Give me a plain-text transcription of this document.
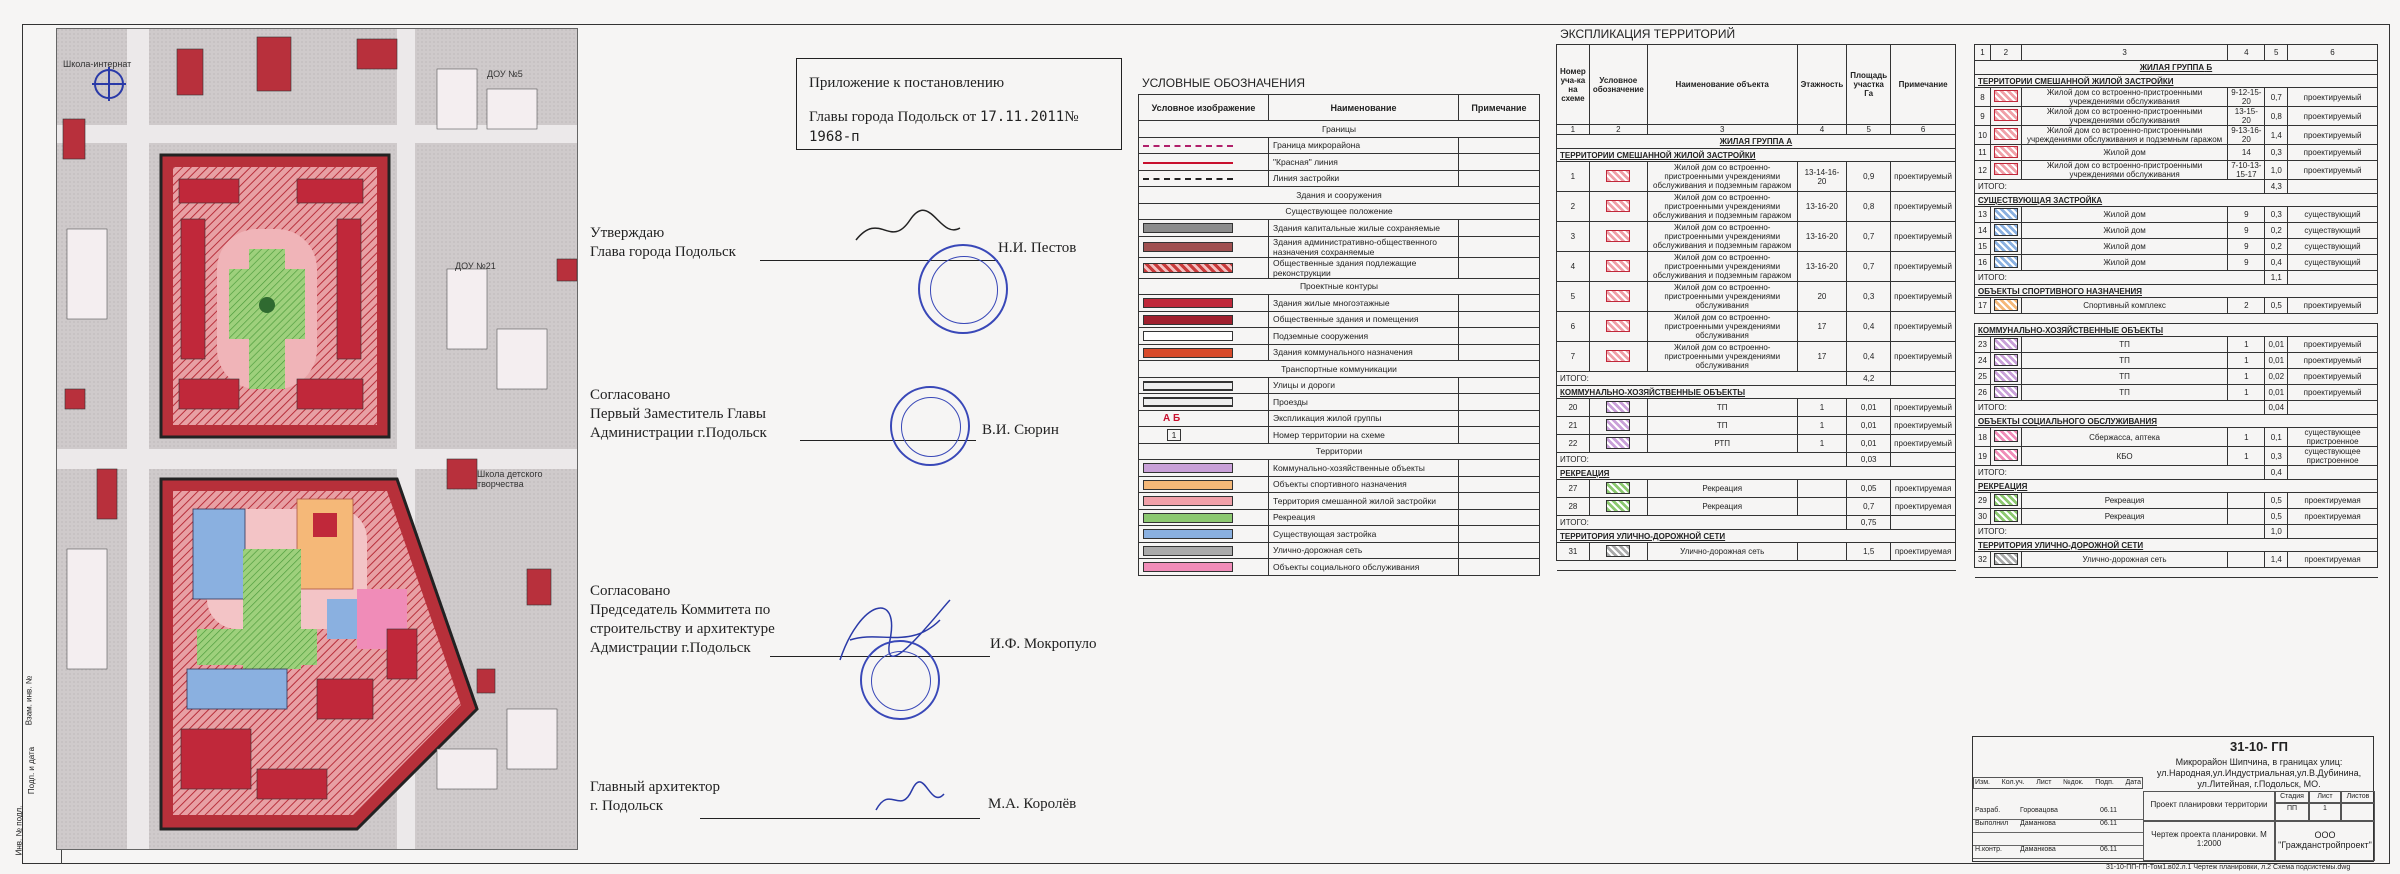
Инв. № подл.
Подп. и дата
Взам. инв. №
Школа-интернат
ДОУ №5
ДОУ №21
Школа детского творчества
Приложение к постановлению
Главы города Подольск от 17.11.2011№ 1968-п
Утверждаю
Глава города Подольск	Н.И. Пестов
Согласовано
Первый Заместитель Главы
Администрации г.Подольск	В.И. Сюрин
Согласовано
Председатель Коммитета по
строительству и архитектуре
Адмистрации г.Подольск	И.Ф. Мокропуло
Главный архитектор
г. Подольск	М.А. Королёв
УСЛОВНЫЕ ОБОЗНАЧЕНИЯ
Условное изображение	Наименование	Примечание
Границы		
	Граница микрорайона	
	"Красная" линия	
	Линия застройки	
Здания и сооружения		
Существующее положение		
	Здания капитальные жилые сохраняемые	
	Здания административно-общественного назначения сохраняемые	
	Общественные здания подлежащие реконструкции	
Проектные контуры		
	Здания жилые многоэтажные	
	Общественные здания и помещения	
	Подземные сооружения	
	Здания коммунального назначения	
Транспортные коммуникации		
	Улицы и дороги	
	Проезды	
А Б	Экспликация жилой группы	
1	Номер территории на схеме	
Территории		
	Коммунально-хозяйственные объекты	
	Объекты спортивного назначения	
	Территория смешанной жилой застройки	
	Рекреация	
	Существующая застройка	
	Улично-дорожная сеть	
	Объекты социального обслуживания	
ЭКСПЛИКАЦИЯ ТЕРРИТОРИЙ
Номер уча-ка на схеме	Условное обозначение	Наименование объекта	Этажность	Площадь участка Га	Примечание
1	2	3	4	5	6
ЖИЛАЯ ГРУППА А					
ТЕРРИТОРИИ СМЕШАННОЙ ЖИЛОЙ ЗАСТРОЙКИ					
1		Жилой дом со встроенно-пристроенными учреждениями обслуживания и подземным гаражом	13-14-16-20	0,9	проектируемый
2		Жилой дом со встроенно-пристроенными учреждениями обслуживания и подземным гаражом	13-16-20	0,8	проектируемый
3		Жилой дом со встроенно-пристроенными учреждениями обслуживания и подземным гаражом	13-16-20	0,7	проектируемый
4		Жилой дом со встроенно-пристроенными учреждениями обслуживания и подземным гаражом	13-16-20	0,7	проектируемый
5		Жилой дом со встроенно-пристроенными учреждениями обслуживания	20	0,3	проектируемый
6		Жилой дом со встроенно-пристроенными учреждениями обслуживания	17	0,4	проектируемый
7		Жилой дом со встроенно-пристроенными учреждениями обслуживания	17	0,4	проектируемый
ИТОГО:				4,2	
КОММУНАЛЬНО-ХОЗЯЙСТВЕННЫЕ ОБЪЕКТЫ					
20		ТП	1	0,01	проектируемый
21		ТП	1	0,01	проектируемый
22		РТП	1	0,01	проектируемый
ИТОГО:				0,03	
РЕКРЕАЦИЯ					
27		Рекреация		0,05	проектируемая
28		Рекреация		0,7	проектируемая
ИТОГО:				0,75	
ТЕРРИТОРИЯ УЛИЧНО-ДОРОЖНОЙ СЕТИ					
31		Улично-дорожная сеть		1,5	проектируемая

1	2	3	4	5	6
ЖИЛАЯ ГРУППА Б					
ТЕРРИТОРИИ СМЕШАННОЙ ЖИЛОЙ ЗАСТРОЙКИ					
8		Жилой дом со встроенно-пристроенными учреждениями обслуживания	9-12-15-20	0,7	проектируемый
9		Жилой дом со встроенно-пристроенными учреждениями обслуживания	13-15-20	0,8	проектируемый
10		Жилой дом со встроенно-пристроенными учреждениями обслуживания и подземным гаражом	9-13-16-20	1,4	проектируемый
11		Жилой дом	14	0,3	проектируемый
12		Жилой дом со встроенно-пристроенными учреждениями обслуживания	7-10-13-15-17	1,0	проектируемый
ИТОГО:				4,3	
СУЩЕСТВУЮЩАЯ ЗАСТРОЙКА					
13		Жилой дом	9	0,3	существующий
14		Жилой дом	9	0,2	существующий
15		Жилой дом	9	0,2	существующий
16		Жилой дом	9	0,4	существующий
ИТОГО:				1,1	
ОБЪЕКТЫ СПОРТИВНОГО НАЗНАЧЕНИЯ					
17		Спортивный комплекс	2	0,5	проектируемый

КОММУНАЛЬНО-ХОЗЯЙСТВЕННЫЕ ОБЪЕКТЫ					
23		ТП	1	0,01	проектируемый
24		ТП	1	0,01	проектируемый
25		ТП	1	0,02	проектируемый
26		ТП	1	0,01	проектируемый
ИТОГО:				0,04	
ОБЪЕКТЫ СОЦИАЛЬНОГО ОБСЛУЖИВАНИЯ					
18		Сбержасса, аптека	1	0,1	существующее пристроенное
19		КБО	1	0,3	существующее пристроенное
ИТОГО:				0,4	
РЕКРЕАЦИЯ					
29		Рекреация		0,5	проектируемая
30		Рекреация		0,5	проектируемая
ИТОГО:				1,0	
ТЕРРИТОРИЯ УЛИЧНО-ДОРОЖНОЙ СЕТИ					
32		Улично-дорожная сеть		1,4	проектируемая

31-10- ГП
Микрорайон Шипчина, в границах улиц: ул.Народная,ул.Индустриальная,ул.В.Дубинина, ул.Литейная, г.Подольск, МО.
Изм. Кол.уч. Лист №док. Подп. Дата
Проект планировки территории
Стадия	Лист	Листов
ПП	1
Чертеж проекта планировки. М 1:2000
ООО "Гражданстройпроект"
Разраб.	Горовацова	06.11
Выполнил	Даманкова	06.11
Н.контр.	Даманкова	06.11
31-10-ПП-ГП-Том1.в02.л.1 Чертеж планировки, л.2 Схема подсистемы.dwg
